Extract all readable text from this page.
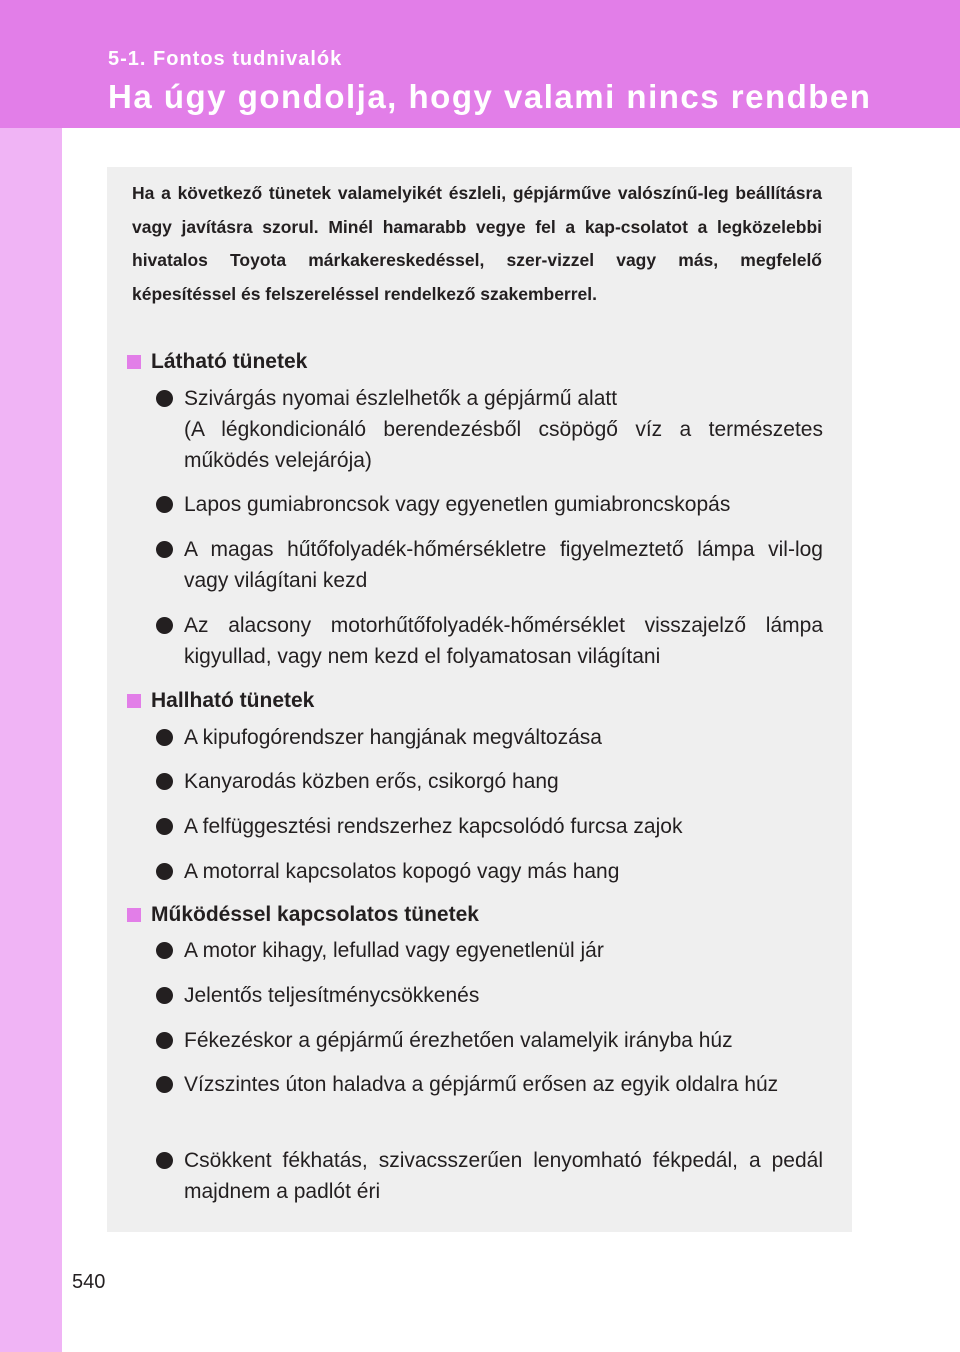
5-1. Fontos tudnivalók
Ha úgy gondolja, hogy valami nincs rendben
Ha a következő tünetek valamelyikét észleli, gépjárműve valószínű-leg beállításra vagy javításra szorul. Minél hamarabb vegye fel a kap-csolatot a legközelebbi hivatalos Toyota márkakereskedéssel, szer-vizzel vagy más, megfelelő képesítéssel és felszereléssel rendelkező szakemberrel.
Látható tünetek
Szivárgás nyomai észlelhetők a gépjármű alatt
(A légkondicionáló berendezésből csöpögő víz a természetes működés velejárója)
Lapos gumiabroncsok vagy egyenetlen gumiabroncskopás
A magas hűtőfolyadék-hőmérsékletre figyelmeztető lámpa vil-log vagy világítani kezd
Az alacsony motorhűtőfolyadék-hőmérséklet visszajelző lámpa kigyullad, vagy nem kezd el folyamatosan világítani
Hallható tünetek
A kipufogórendszer hangjának megváltozása
Kanyarodás közben erős, csikorgó hang
A felfüggesztési rendszerhez kapcsolódó furcsa zajok
A motorral kapcsolatos kopogó vagy más hang
Működéssel kapcsolatos tünetek
A motor kihagy, lefullad vagy egyenetlenül jár
Jelentős teljesítménycsökkenés
Fékezéskor a gépjármű érezhetően valamelyik irányba húz
Vízszintes úton haladva a gépjármű erősen az egyik oldalra húz
Csökkent fékhatás, szivacsszerűen lenyomható fékpedál, a pedál majdnem a padlót éri
540
